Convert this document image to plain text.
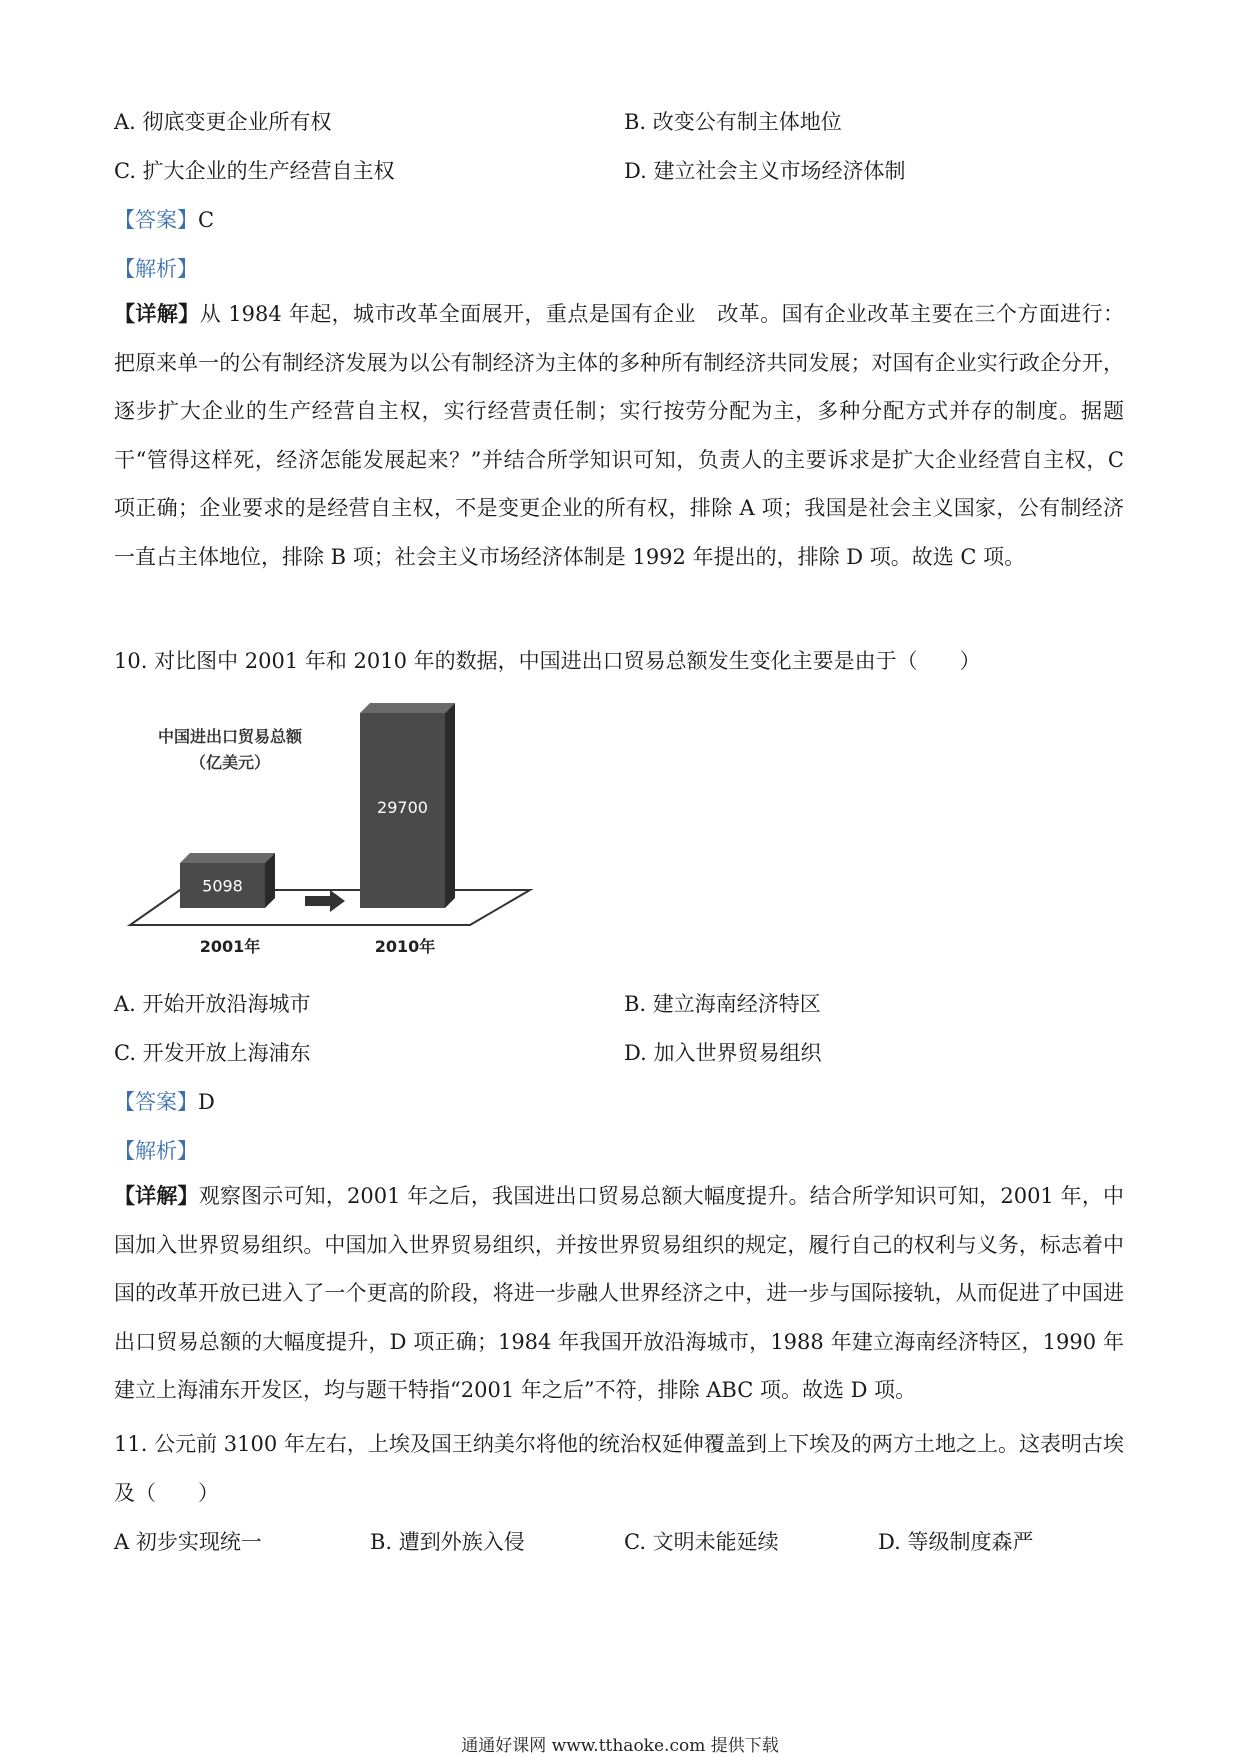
A. 彻底变更企业所有权	B. 改变公有制主体地位
C. 扩大企业的生产经营自主权	D. 建立社会主义市场经济体制
【答案】C
【解析】
【详解】从 1984 年起，城市改革全面展开，重点是国有企业　改革。国有企业改革主要在三个方面进行：把原来单一的公有制经济发展为以公有制经济为主体的多种所有制经济共同发展；对国有企业实行政企分开，逐步扩大企业的生产经营自主权，实行经营责任制；实行按劳分配为主，多种分配方式并存的制度。据题干“管得这样死，经济怎能发展起来？”并结合所学知识可知，负责人的主要诉求是扩大企业经营自主权，C 项正确；企业要求的是经营自主权，不是变更企业的所有权，排除 A 项；我国是社会主义国家，公有制经济一直占主体地位，排除 B 项；社会主义市场经济体制是 1992 年提出的，排除 D 项。故选 C 项。
10. 对比图中 2001 年和 2010 年的数据，中国进出口贸易总额发生变化主要是由于（　　）
中国进出口贸易总额
（亿美元）
5098
29700
2001年	2010年
A. 开始开放沿海城市	B. 建立海南经济特区
C. 开发开放上海浦东	D. 加入世界贸易组织
【答案】D
【解析】
【详解】观察图示可知，2001 年之后，我国进出口贸易总额大幅度提升。结合所学知识可知，2001 年，中国加入世界贸易组织。中国加入世界贸易组织，并按世界贸易组织的规定，履行自己的权利与义务，标志着中国的改革开放已进入了一个更高的阶段，将进一步融人世界经济之中，进一步与国际接轨，从而促进了中国进出口贸易总额的大幅度提升，D 项正确；1984 年我国开放沿海城市，1988 年建立海南经济特区，1990 年建立上海浦东开发区，均与题干特指“2001 年之后”不符，排除 ABC 项。故选 D 项。
11. 公元前 3100 年左右，上埃及国王纳美尔将他的统治权延伸覆盖到上下埃及的两方土地之上。这表明古埃及（　　）
A 初步实现统一	B. 遭到外族入侵	C. 文明未能延续	D. 等级制度森严
通通好课网 www.tthaoke.com 提供下载
